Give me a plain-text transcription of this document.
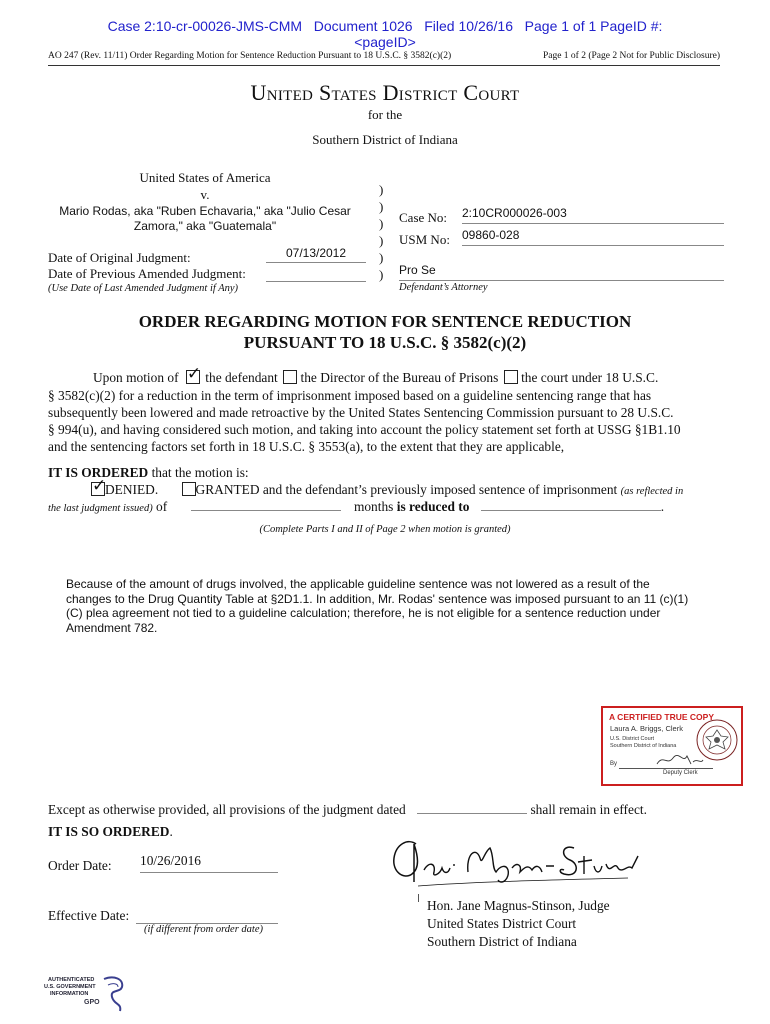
Case 2:10-cr-00026-JMS-CMM   Document 1026   Filed 10/26/16   Page 1 of 1 PageID #:
<pageID>
AO 247 (Rev. 11/11) Order Regarding Motion for Sentence Reduction Pursuant to 18 U.S.C. § 3582(c)(2)	Page 1 of 2 (Page 2 Not for Public Disclosure)
United States District Court
for the
Southern District of Indiana
United States of America
v.
Mario Rodas, aka "Ruben Echavaria," aka "Julio Cesar Zamora," aka "Guatemala"
Date of Original Judgment:	07/13/2012
Date of Previous Amended Judgment:
(Use Date of Last Amended Judgment if Any)
)
)
)
)
)
)
Case No: 2:10CR000026-003
USM No: 09860-028
Pro Se
Defendant’s Attorney
ORDER REGARDING MOTION FOR SENTENCE REDUCTION
PURSUANT TO 18 U.S.C. § 3582(c)(2)
Upon motion of ✓ the defendant the Director of the Bureau of Prisons the court under 18 U.S.C.
§ 3582(c)(2) for a reduction in the term of imprisonment imposed based on a guideline sentencing range that has
subsequently been lowered and made retroactive by the United States Sentencing Commission pursuant to 28 U.S.C.
§ 994(u), and having considered such motion, and taking into account the policy statement set forth at USSG §1B1.10
and the sentencing factors set forth in 18 U.S.C. § 3553(a), to the extent that they are applicable,
IT IS ORDERED that the motion is:
✓
DENIED.	GRANTED and the defendant’s previously imposed sentence of imprisonment (as reflected in
the last judgment issued) of	months is reduced to	.
(Complete Parts I and II of Page 2 when motion is granted)
Because of the amount of drugs involved, the applicable guideline sentence was not lowered as a result of the changes to the Drug Quantity Table at §2D1.1. In addition, Mr. Rodas' sentence was imposed pursuant to an 11 (c)(1)(C) plea agreement not tied to a guideline calculation; therefore, he is not eligible for a sentence reduction under Amendment 782.
A CERTIFIED TRUE COPY
Laura A. Briggs, Clerk
U.S. District Court
Southern District of Indiana
By
Deputy Clerk
Except as otherwise provided, all provisions of the judgment dated	shall remain in effect.
IT IS SO ORDERED.
Order Date: 10/26/2016
Effective Date:
(if different from order date)
Hon. Jane Magnus-Stinson, Judge
United States District Court
Southern District of Indiana
AUTHENTICATED
U.S. GOVERNMENT
INFORMATION
GPO
